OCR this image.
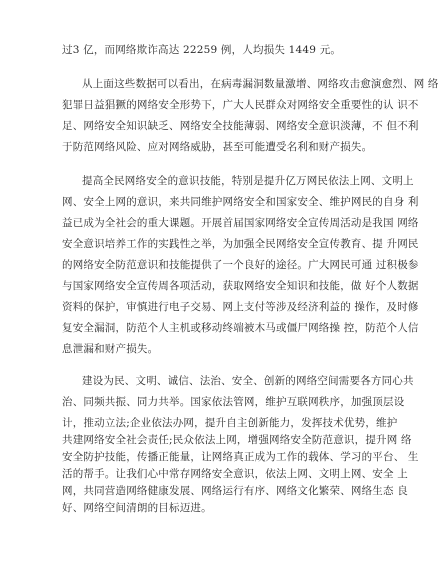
过3 亿，而网络欺诈高达 22259 例，人均损失 1449 元。
从上面这些数据可以看出，在病毒漏洞数量激增、网络攻击愈演愈烈、网 络
犯罪日益猖獗的网络安全形势下，广大人民群众对网络安全重要性的认 识不
足、网络安全知识缺乏、网络安全技能薄弱、网络安全意识淡薄，不 但不利
于防范网络风险、应对网络威胁，甚至可能遭受名利和财产损失。
提高全民网络安全的意识技能，特别是提升亿万网民依法上网、文明上
网、安全上网的意识，来共同维护网络安全和国家安全、维护网民的自身 利
益已成为全社会的重大课题。开展首届国家网络安全宣传周活动是我国 网络
安全意识培养工作的实践性之举，为加强全民网络安全宣传教育、提 升网民
的网络安全防范意识和技能提供了一个良好的途径。广大网民可通 过积极参
与国家网络安全宣传周各项活动，获取网络安全知识和技能，做 好个人数据
资料的保护，审慎进行电子交易、网上支付等涉及经济利益的 操作，及时修
复安全漏洞，防范个人主机或移动终端被木马或僵尸网络操 控，防范个人信
息泄漏和财产损失。
建设为民、文明、诚信、法治、安全、创新的网络空间需要各方同心共
治、同频共振、同力共举。国家依法管网，维护互联网秩序，加强顶层设
计，推动立法;企业依法办网，提升自主创新能力，发挥技术优势，维护
共建网络安全社会责任;民众依法上网，增强网络安全防范意识，提升网 络
安全防护技能，传播正能量，让网络真正成为工作的载体、学习的平台、 生
活的帮手。让我们心中常存网络安全意识，依法上网、文明上网、安全 上
网，共同营造网络健康发展、网络运行有序、网络文化繁荣、网络生态 良
好、网络空间清朗的目标迈进。
